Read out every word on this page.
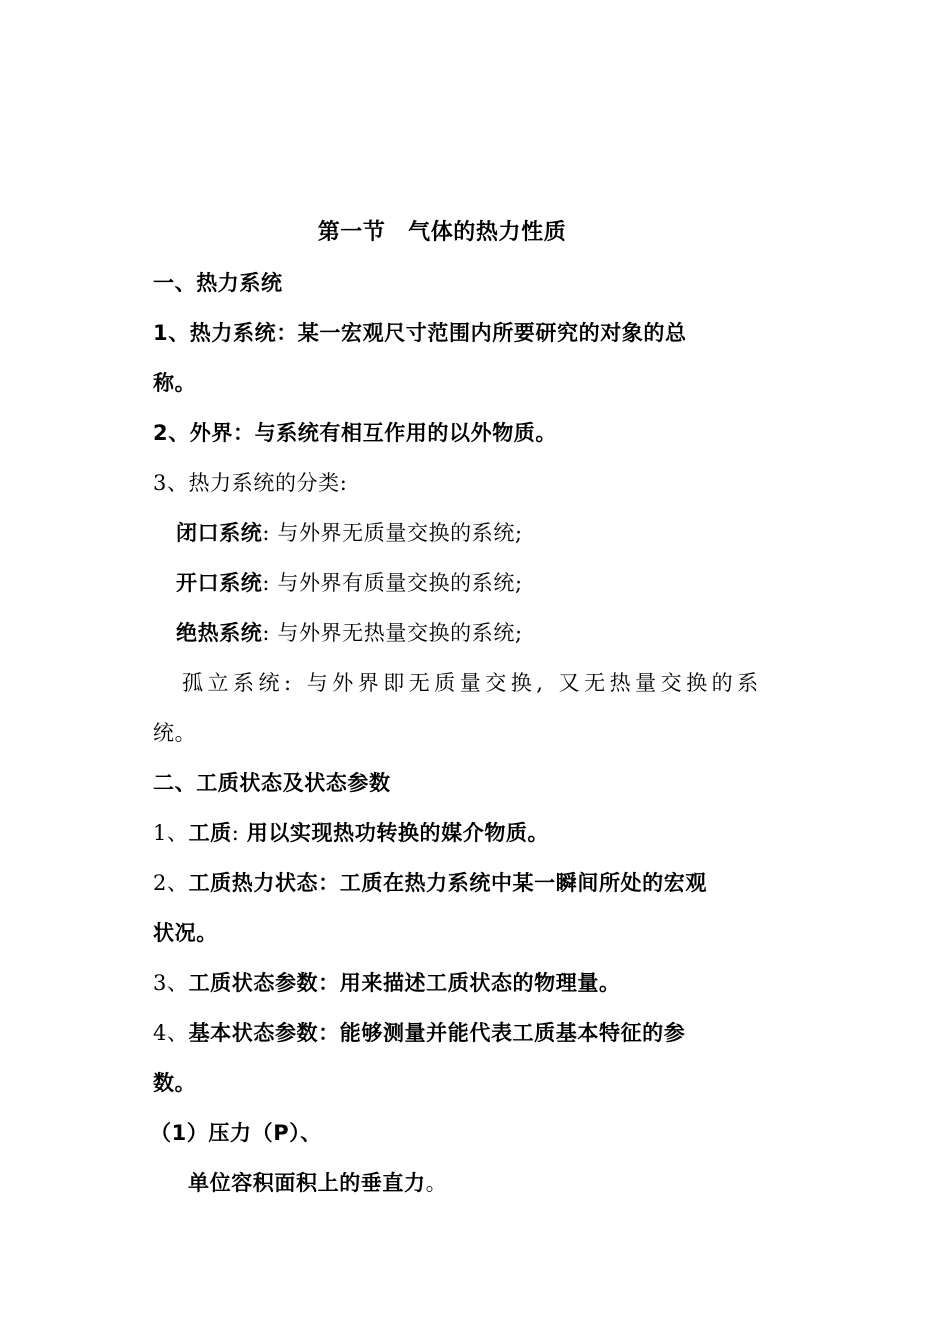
第一节　气体的热力性质
一、热力系统
1、热力系统：某一宏观尺寸范围内所要研究的对象的总
称。
2、外界：与系统有相互作用的以外物质。
3、热力系统的分类:
闭口系统: 与外界无质量交换的系统;
开口系统: 与外界有质量交换的系统;
绝热系统: 与外界无热量交换的系统;
孤立系统: 与外界即无质量交换, 又无热量交换的系
统。
二、工质状态及状态参数
1、工质: 用以实现热功转换的媒介物质。
2、工质热力状态：工质在热力系统中某一瞬间所处的宏观
状况。
3、工质状态参数：用来描述工质状态的物理量。
4、基本状态参数：能够测量并能代表工质基本特征的参
数。
（1）压力（P）、
单位容积面积上的垂直力。
